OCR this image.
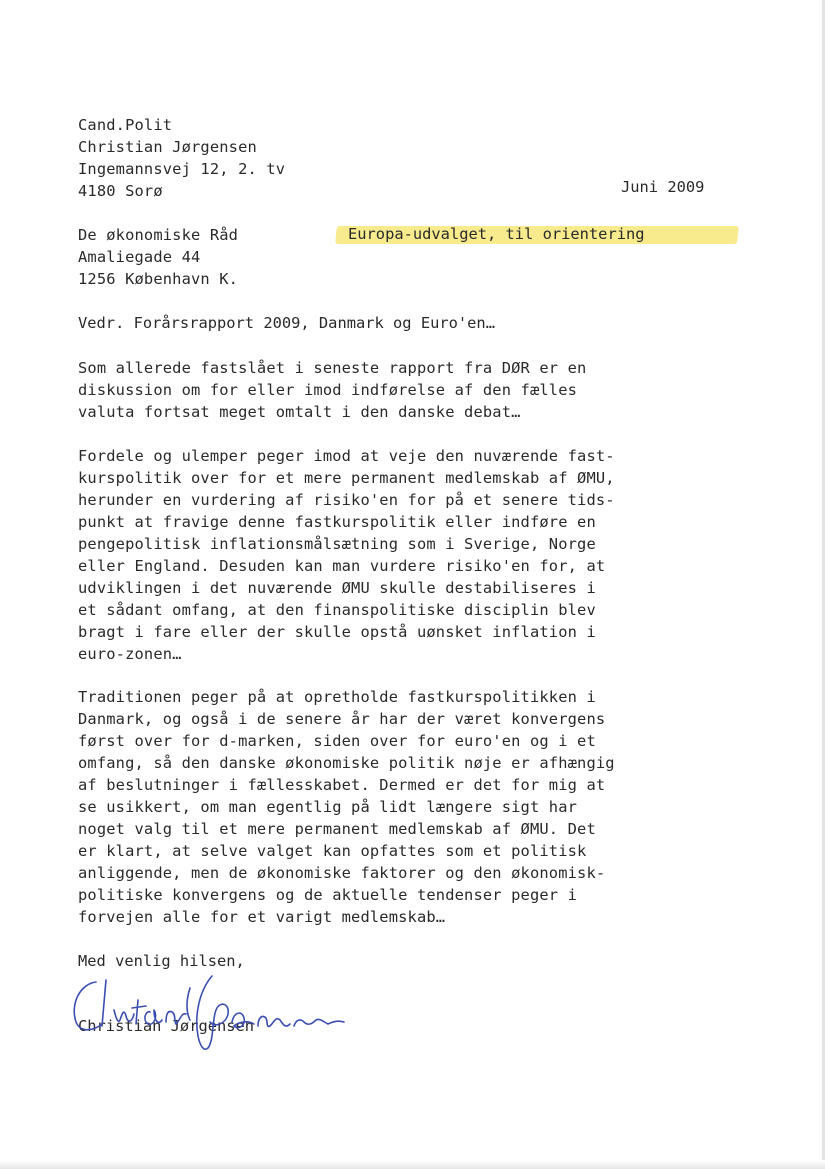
Cand.Polit
Christian Jørgensen
Ingemannsvej 12, 2. tv
4180 Sorø	Juni 2009
De økonomiske Råd
Amaliegade 44
1256 København K.
Europa-udvalget, til orientering
Vedr. Forårsrapport 2009, Danmark og Euro'en…
Som allerede fastslået i seneste rapport fra DØR er en
diskussion om for eller imod indførelse af den fælles
valuta fortsat meget omtalt i den danske debat…
Fordele og ulemper peger imod at veje den nuværende fast-
kurspolitik over for et mere permanent medlemskab af ØMU,
herunder en vurdering af risiko'en for på et senere tids-
punkt at fravige denne fastkurspolitik eller indføre en
pengepolitisk inflationsmålsætning som i Sverige, Norge
eller England. Desuden kan man vurdere risiko'en for, at
udviklingen i det nuværende ØMU skulle destabiliseres i
et sådant omfang, at den finanspolitiske disciplin blev
bragt i fare eller der skulle opstå uønsket inflation i
euro-zonen…
Traditionen peger på at opretholde fastkurspolitikken i
Danmark, og også i de senere år har der været konvergens
først over for d-marken, siden over for euro'en og i et
omfang, så den danske økonomiske politik nøje er afhængig
af beslutninger i fællesskabet. Dermed er det for mig at
se usikkert, om man egentlig på lidt længere sigt har
noget valg til et mere permanent medlemskab af ØMU. Det
er klart, at selve valget kan opfattes som et politisk
anliggende, men de økonomiske faktorer og den økonomisk-
politiske konvergens og de aktuelle tendenser peger i
forvejen alle for et varigt medlemskab…
Med venlig hilsen,
Christian Jørgensen
